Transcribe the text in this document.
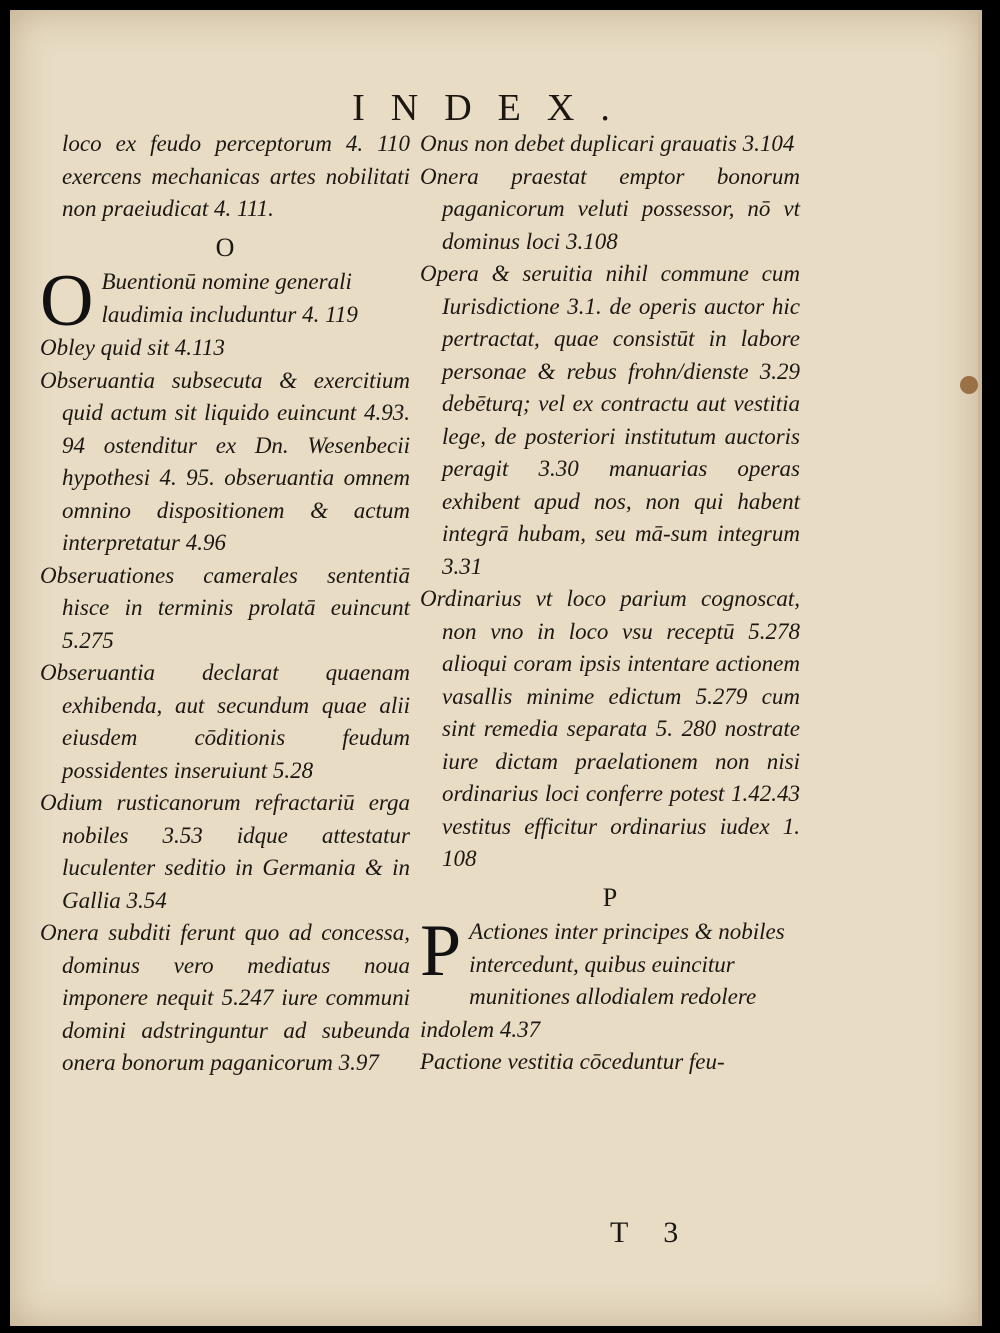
INDEX.

loco ex feudo perceptorum 4. 110 exercens mechanicas artes nobilitati non praeiudicat 4. 111.

O
O Buentionū nomine generali laudimia includuntur 4. 119

Obley quid sit 4.113

Obseruantia subsecuta & exercitium quid actum sit liquido euincunt 4.93. 94 ostenditur ex Dn. Wesenbecii hypothesi 4. 95. obseruantia omnem omnino dispositionem & actum interpretatur 4.96

Obseruationes camerales sententiā hisce in terminis prolatā euincunt 5.275

Obseruantia declarat quaenam exhibenda, aut secundum quae alii eiusdem cōditionis feudum possidentes inseruiunt 5.28

Odium rusticanorum refractariū erga nobiles 3.53 idque attestatur luculenter seditio in Germania & in Gallia 3.54

Onera subditi ferunt quo ad concessa, dominus vero mediatus noua imponere nequit 5.247 iure communi domini adstringuntur ad subeunda onera bonorum paganicorum 3.97

Onus non debet duplicari grauatis 3.104

Onera praestat emptor bonorum paganicorum veluti possessor, nō vt dominus loci 3.108

Opera & seruitia nihil commune cum Iurisdictione 3.1. de operis auctor hic pertractat, quae consistūt in labore personae & rebus frohn/dienste 3.29 debēturq; vel ex contractu aut vestitia lege, de posteriori institutum auctoris peragit 3.30 manuarias operas exhibent apud nos, non qui habent integrā hubam, seu mā-sum integrum 3.31

Ordinarius vt loco parium cognoscat, non vno in loco vsu receptū 5.278 alioqui coram ipsis intentare actionem vasallis minime edictum 5.279 cum sint remedia separata 5. 280 nostrate iure dictam praelationem non nisi ordinarius loci conferre potest 1.42.43 vestitus efficitur ordinarius iudex 1. 108

P
P Actiones inter principes & nobiles intercedunt, quibus euincitur munitiones allodialem redolere indolem 4.37

Pactione vestitia cōceduntur feu-

T 3
